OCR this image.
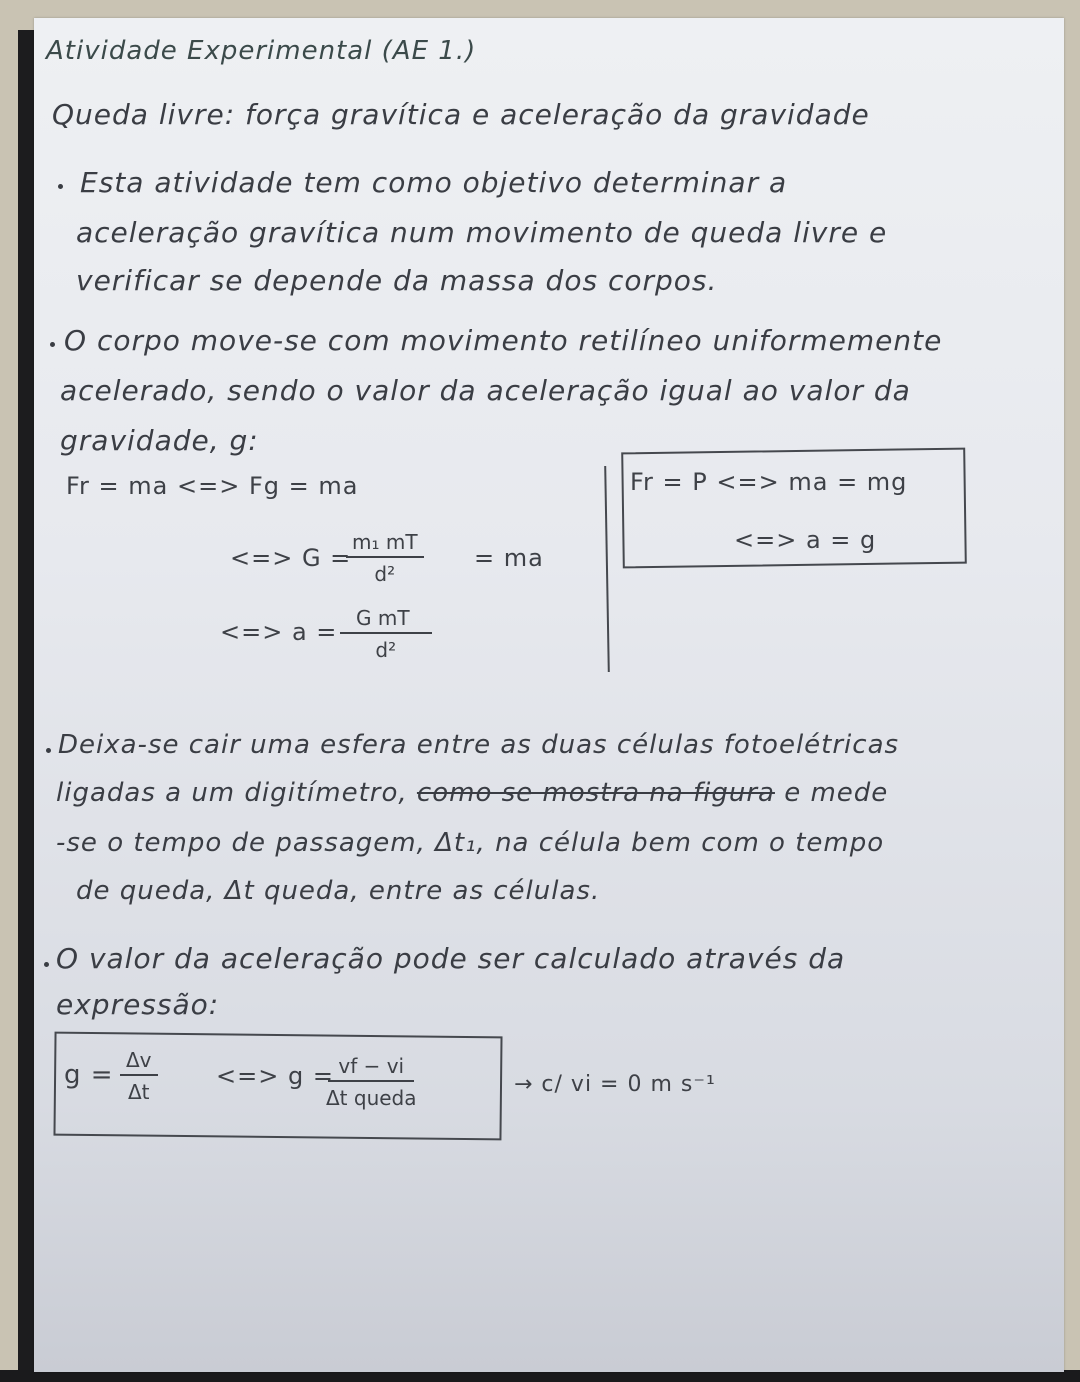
Atividade Experimental (AE 1.)
Queda livre: força gravítica e aceleração da gravidade
Esta atividade tem como objetivo determinar a
aceleração gravítica num movimento de queda livre e
verificar se depende da massa dos corpos.
O corpo move-se com movimento retilíneo uniformemente
acelerado, sendo o valor da aceleração igual ao valor da
gravidade, g:
Fr = ma <=> Fg = ma
<=> G =
$\frac{\text{m₁ mT}}{\text{d²}}$ = ma
<=> $a = \frac{\text{G mT}}{\text{d²}}$
Fr = P <=> ma = mg
<=> a = g
Deixa-se cair uma esfera entre as duas células fotoelétricas
ligadas a um digitímetro, como se mostra na figura e mede
-se o tempo de passagem, Δt₁, na célula bem com o tempo
de queda, Δt queda, entre as células.
O valor da aceleração pode ser calculado através da
expressão:
$g = \frac{\Delta v}{\Delta t}$ <=> g = vf − vi
Δt queda
→ c/ vi = 0 m s⁻¹
